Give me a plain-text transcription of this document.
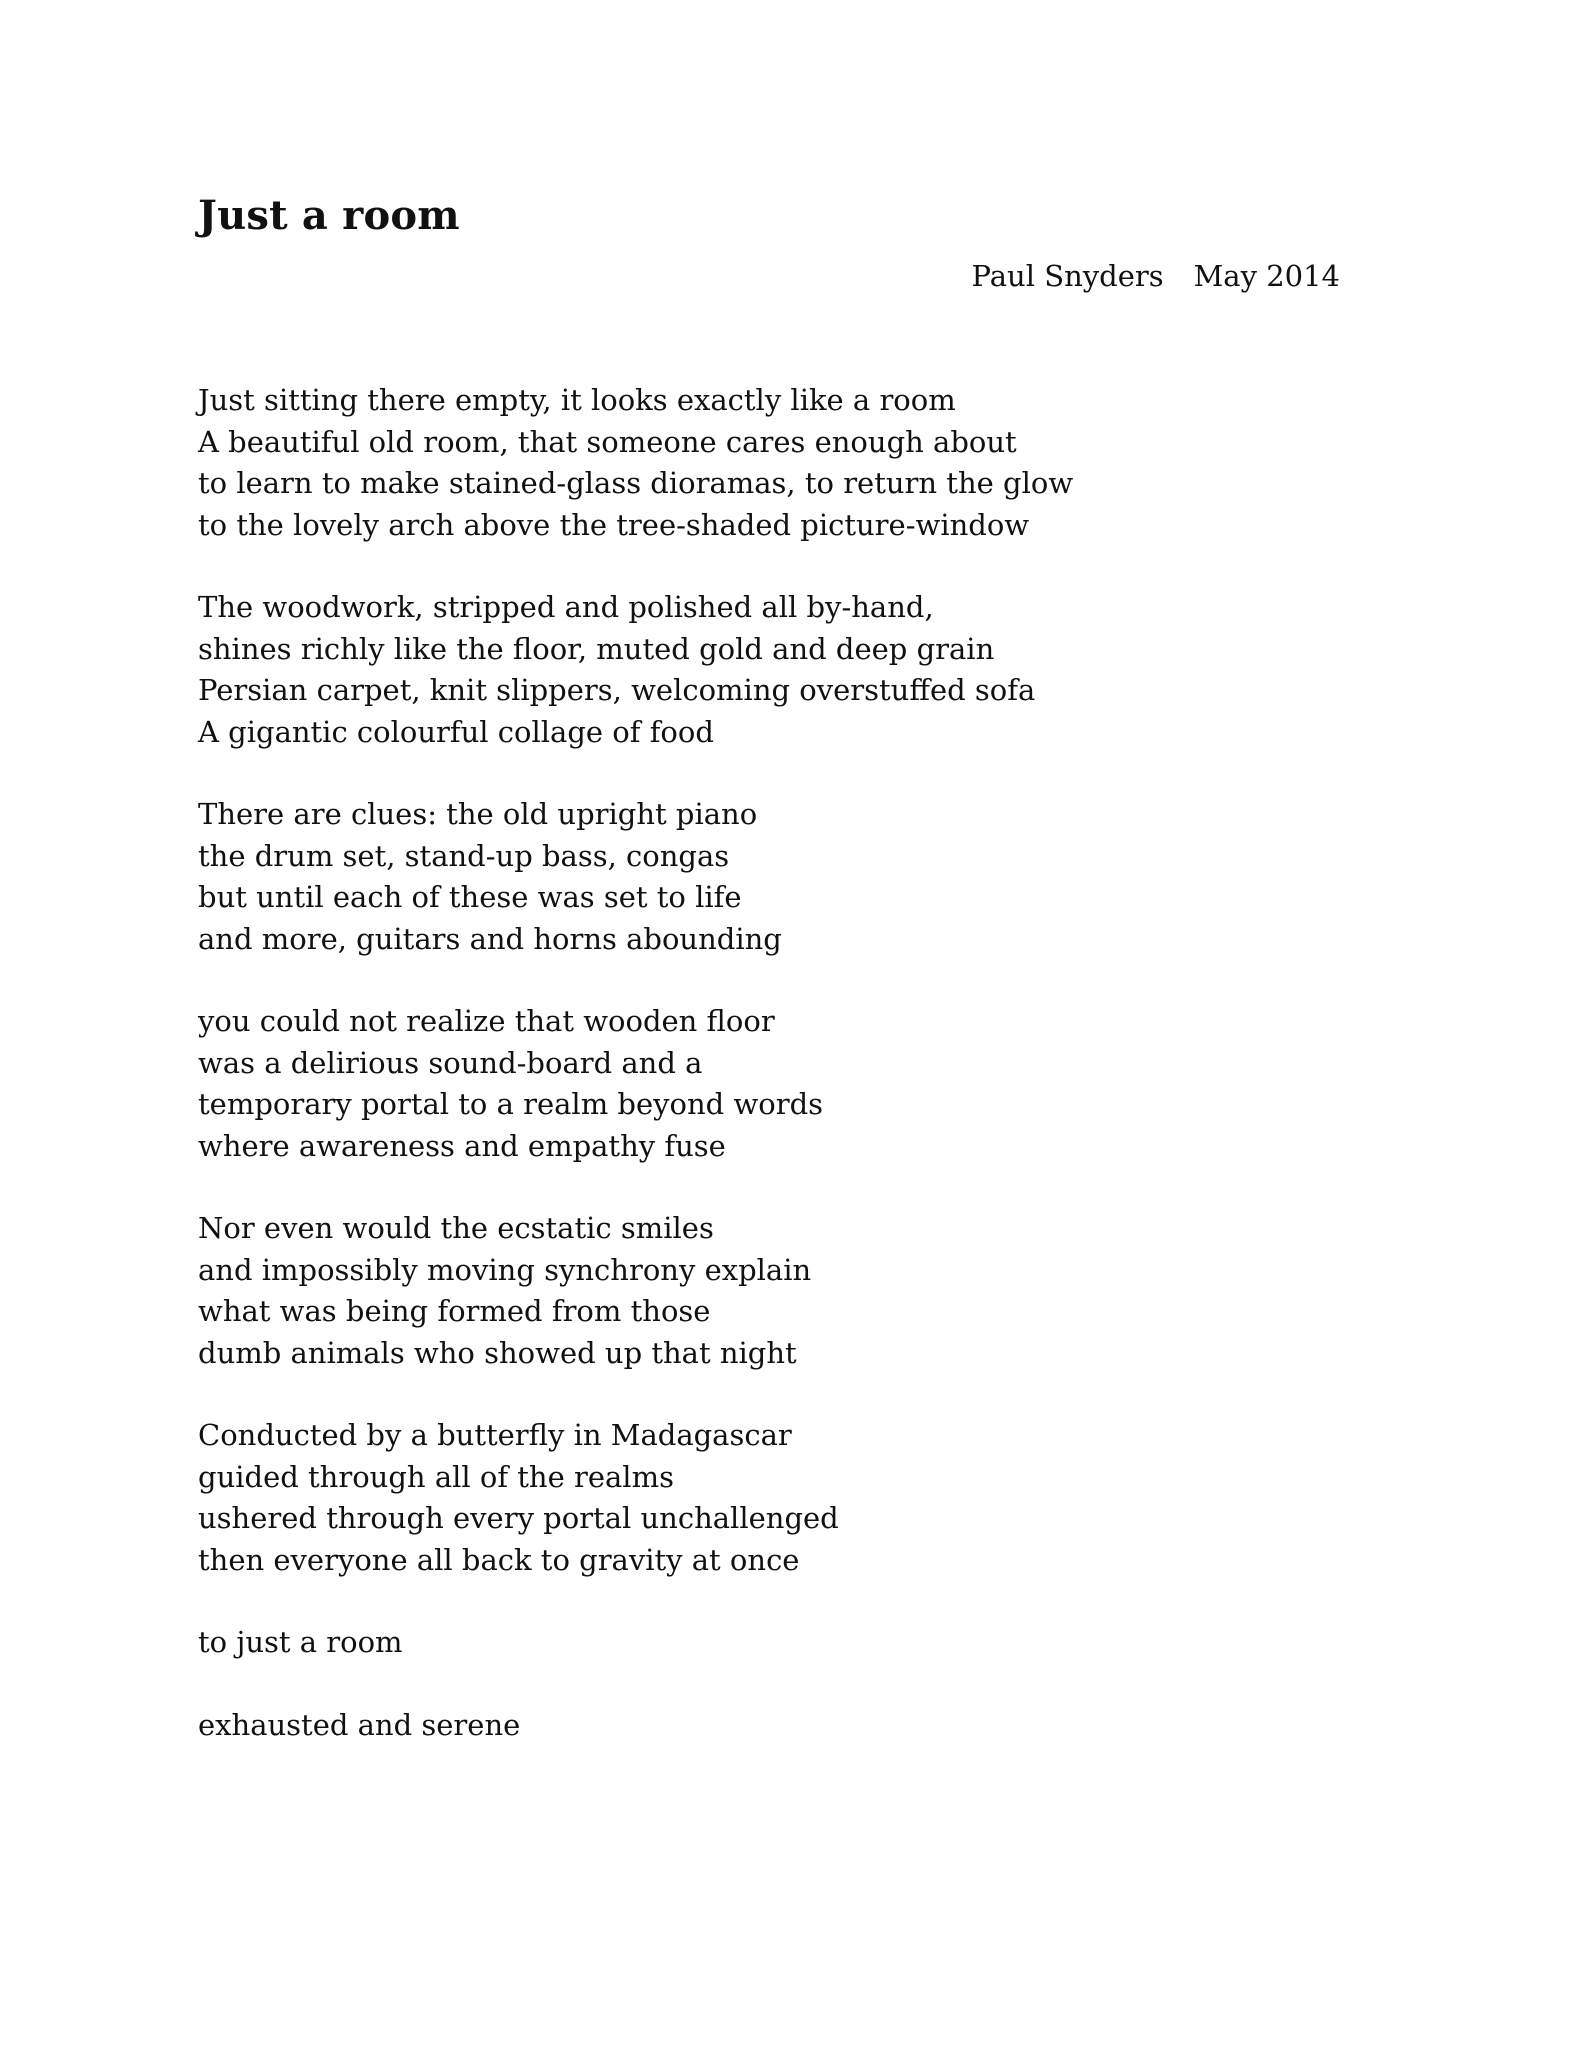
Just a room
Paul Snyders May 2014
Just sitting there empty, it looks exactly like a room
A beautiful old room, that someone cares enough about
to learn to make stained-glass dioramas, to return the glow
to the lovely arch above the tree-shaded picture-window
The woodwork, stripped and polished all by-hand,
shines richly like the floor, muted gold and deep grain
Persian carpet, knit slippers, welcoming overstuffed sofa
A gigantic colourful collage of food
There are clues: the old upright piano
the drum set, stand-up bass, congas
but until each of these was set to life
and more, guitars and horns abounding
you could not realize that wooden floor
was a delirious sound-board and a
temporary portal to a realm beyond words
where awareness and empathy fuse
Nor even would the ecstatic smiles
and impossibly moving synchrony explain
what was being formed from those
dumb animals who showed up that night
Conducted by a butterfly in Madagascar
guided through all of the realms
ushered through every portal unchallenged
then everyone all back to gravity at once
to just a room
exhausted and serene
